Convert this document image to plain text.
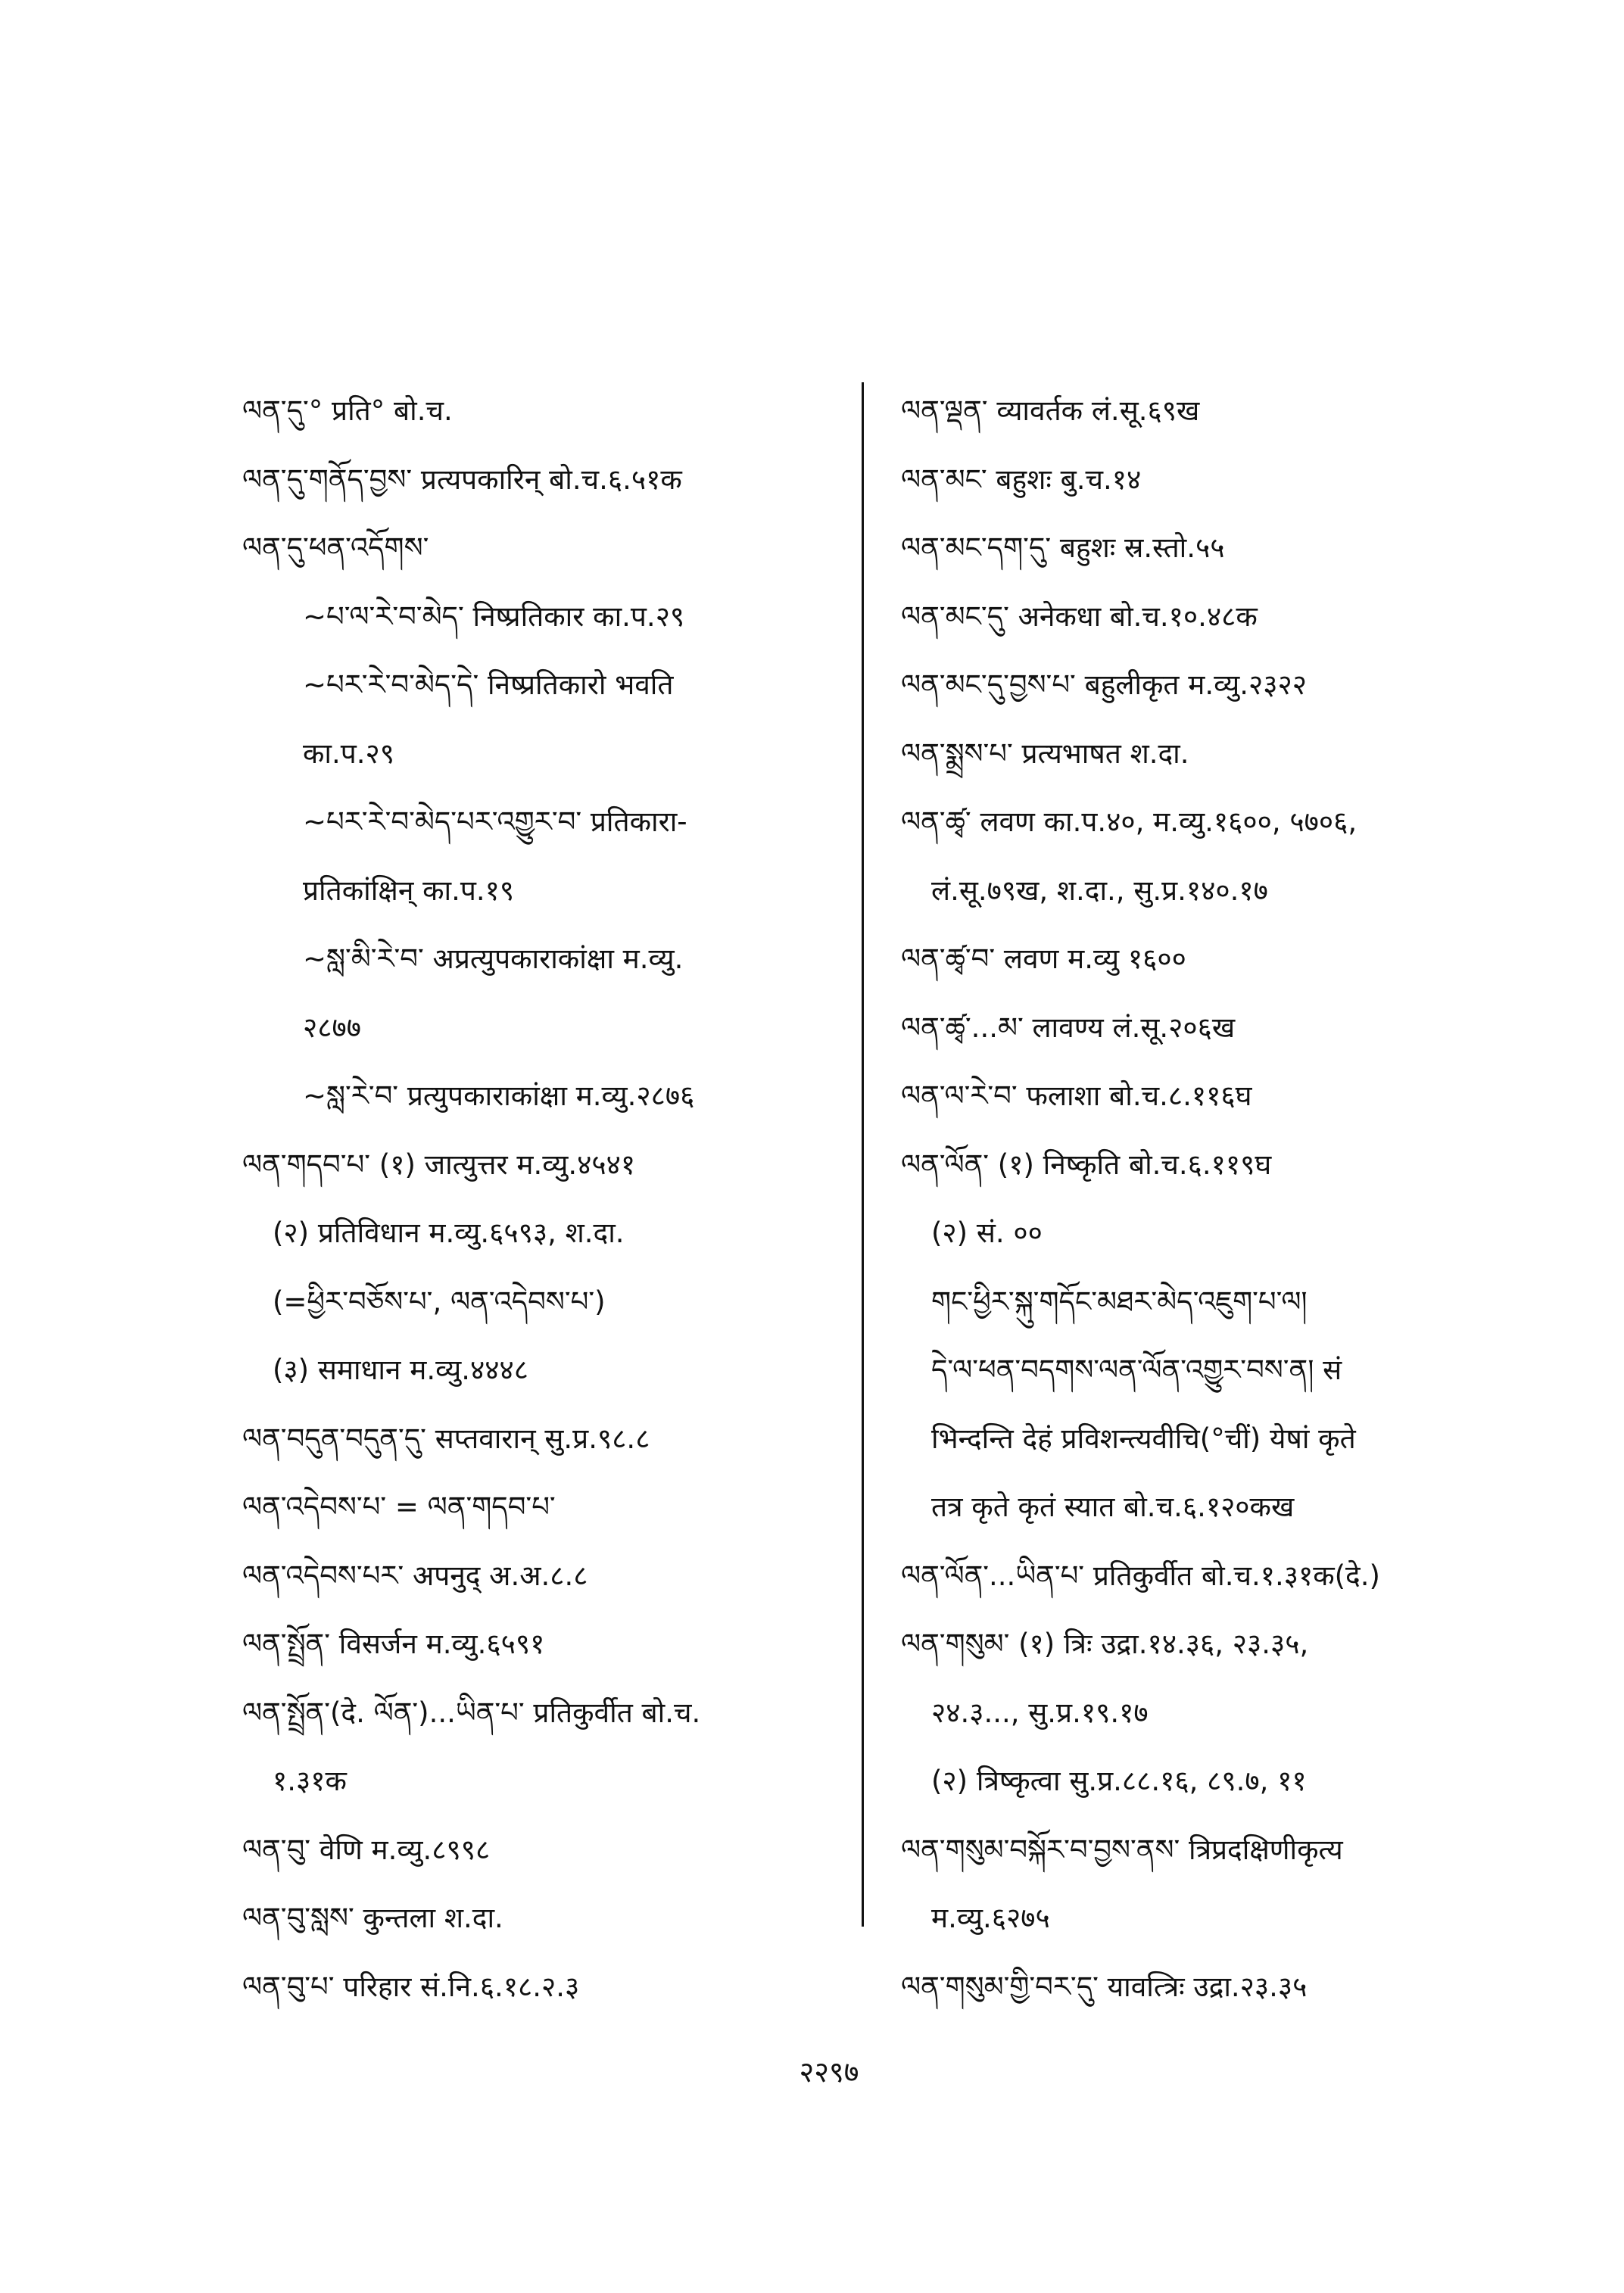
ལན་དུ་° प्रति° बो.च.
ལན་དུ་གནོད་བྱས་ प्रत्यपकारिन् बो.च.६.५१क
ལན་དུ་ཕན་འདོགས་
~པ་ལ་རེ་བ་མེད་ निष्प्रतिकार का.प.२९
~པར་རེ་བ་མེད་དེ་ निष्प्रतिकारो भवति
का.प.२९
~པར་རེ་བ་མེད་པར་འགྱུར་བ་ प्रतिकारा-
प्रतिकांक्षिन् का.प.१९
~སླ་མི་རེ་བ་ अप्रत्युपकाराकांक्षा म.व्यु.
२८७७
~སླ་རེ་བ་ प्रत्युपकाराकांक्षा म.व्यु.२८७६
ལན་གདབ་པ་ (१) जात्युत्तर म.व्यु.४५४१
(२) प्रतिविधान म.व्यु.६५९३, श.दा.
(=ཕྱིར་བཅོས་པ་, ལན་འདེབས་པ་)
(३) समाधान म.व्यु.४४४८
ལན་བདུན་བདུན་དུ་ सप्तवारान् सु.प्र.९८.८
ལན་འདེབས་པ་ = ལན་གདབ་པ་
ལན་འདེབས་པར་ अपनुद् अ.अ.८.८
ལན་སྤྲོན་ विसर्जन म.व्यु.६५९१
ལན་སྤྲོན་(दे. ལོན་)...ཡིན་པ་ प्रतिकुर्वीत बो.च.
१.३१क
ལན་བུ་ वेणि म.व्यु.८९९८
ལན་བུ་སླས་ कुन्तला श.दा.
ལན་བུ་པ་ परिहार सं.नि.६.१८.२.३
ལན་ལྡན་ व्यावर्तक लं.सू.६९ख
ལན་མང་ बहुशः बु.च.१४
ལན་མང་དག་དུ་ बहुशः स्र.स्तो.५५
ལན་མང་དུ་ अनेकधा बो.च.१०.४८क
ལན་མང་དུ་བྱས་པ་ बहुलीकृत म.व्यु.२३२२
ལན་སྨྲས་པ་ प्रत्यभाषत श.दा.
ལན་ཚྭ་ लवण का.प.४०, म.व्यु.१६००, ५७०६,
लं.सू.७९ख, श.दा., सु.प्र.१४०.१७
ལན་ཚྭ་བ་ लवण म.व्यु १६००
ལན་ཚྭ་...མ་ लावण्य लं.सू.२०६ख
ལན་ལ་རེ་བ་ फलाशा बो.च.८.११६घ
ལན་ལོན་ (१) निष्कृति बो.च.६.११९घ
(२) सं. ००
གང་ཕྱིར་སྐུ་གདོང་མཐར་མེད་འཇུག་པ་ལ།
དེ་ལ་ཕན་བདགས་ལན་ལོན་འགྱུར་བས་ན། सं
भिन्दन्ति देहं प्रविशन्त्यवीचि(°चीं) येषां कृते
तत्र कृते कृतं स्यात बो.च.६.१२०कख
ལན་ལོན་...ཡིན་པ་ प्रतिकुर्वीत बो.च.१.३१क(दे.)
ལན་གསུམ་ (१) त्रिः उद्रा.१४.३६, २३.३५,
२४.३..., सु.प्र.१९.१७
(२) त्रिष्कृत्वा सु.प्र.८८.१६, ८९.७, ११
ལན་གསུམ་བསྐོར་བ་བྱས་ནས་ त्रिप्रदक्षिणीकृत्य
म.व्यु.६२७५
ལན་གསུམ་གྱི་བར་དུ་ यावत्त्रिः उद्रा.२३.३५
२२९७
